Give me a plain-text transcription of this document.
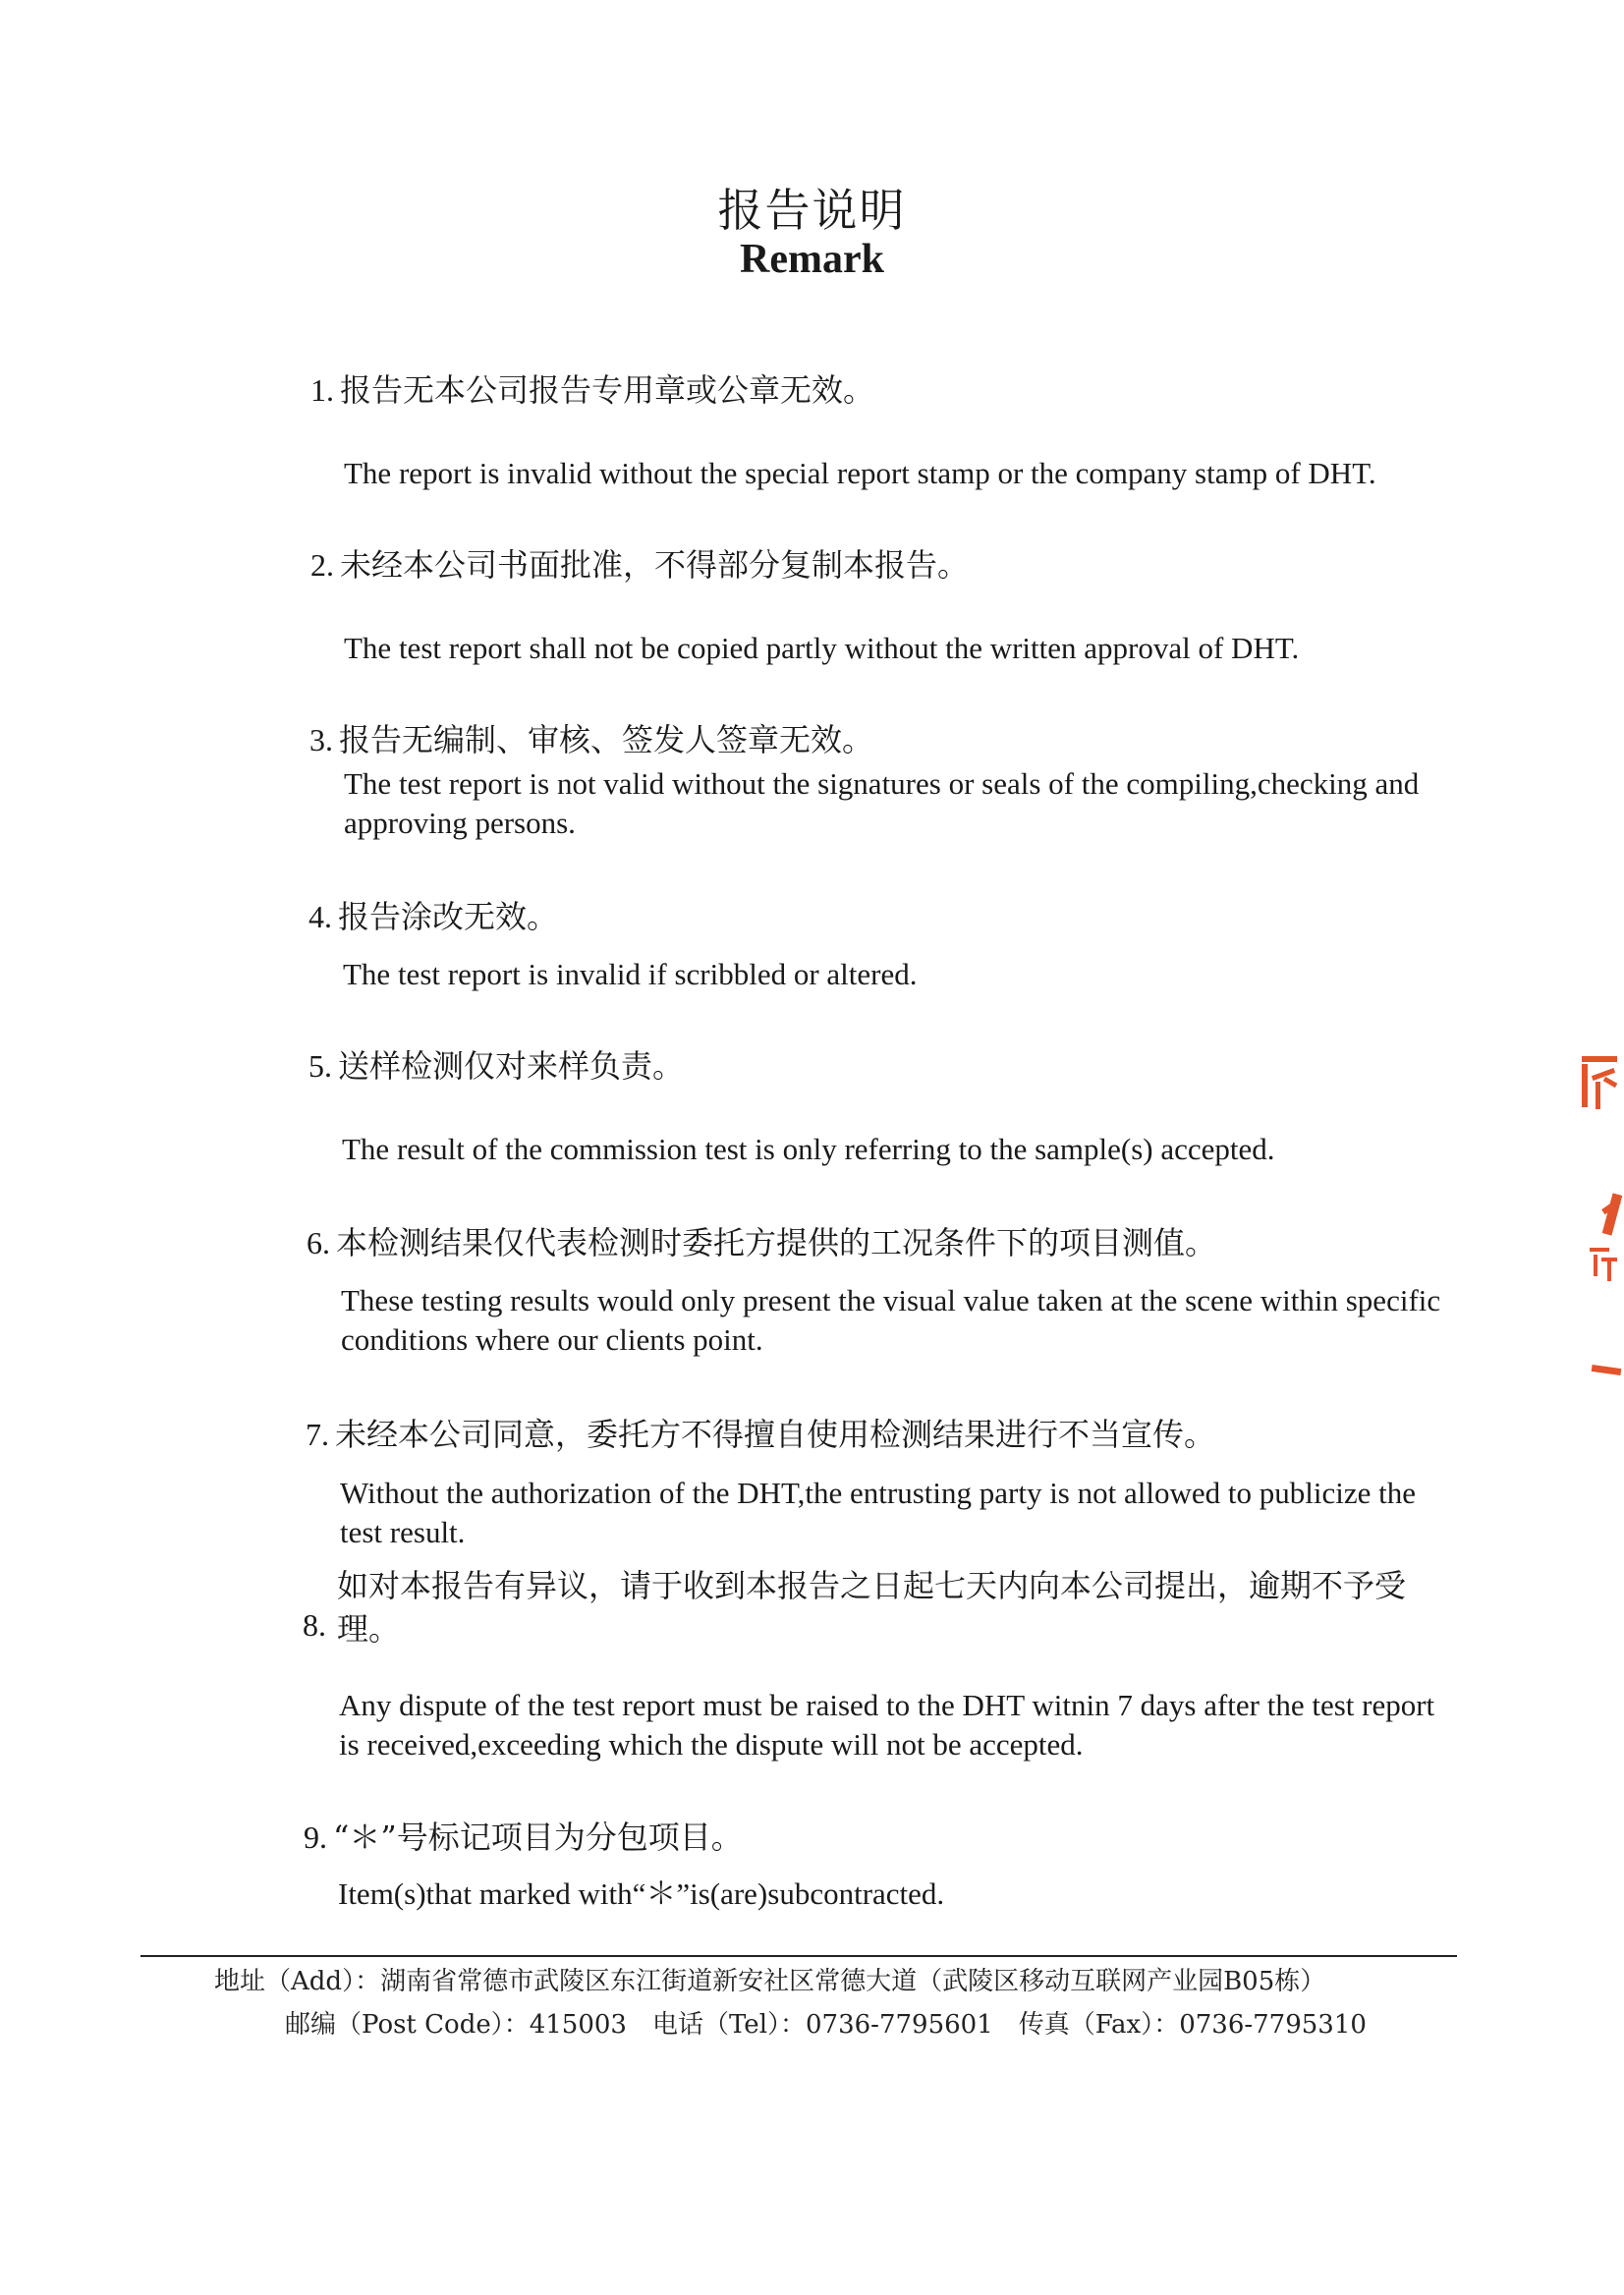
报告说明
Remark
1. 报告无本公司报告专用章或公章无效。
The report is invalid without the special report stamp or the company stamp of DHT.
2. 未经本公司书面批准，不得部分复制本报告。
The test report shall not be copied partly without the written approval of DHT.
3. 报告无编制、审核、签发人签章无效。
The test report is not valid without the signatures or seals of the compiling,checking and approving persons.
4. 报告涂改无效。
The test report is invalid if scribbled or altered.
5. 送样检测仅对来样负责。
The result of the commission test is only referring to the sample(s) accepted.
6. 本检测结果仅代表检测时委托方提供的工况条件下的项目测值。
These testing results would only present the visual value taken at the scene within specific conditions where our clients point.
7. 未经本公司同意，委托方不得擅自使用检测结果进行不当宣传。
Without the authorization of the DHT,the entrusting party is not allowed to publicize the test result.
8.
如对本报告有异议，请于收到本报告之日起七天内向本公司提出，逾期不予受理。
Any dispute of the test report must be raised to the DHT witnin 7 days after the test report is received,exceeding which the dispute will not be accepted.
9. “＊”号标记项目为分包项目。
Item(s)that marked with“＊”is(are)subcontracted.
地址（Add）：湖南省常德市武陵区东江街道新安社区常德大道（武陵区移动互联网产业园B05栋）
邮编（Post Code）：415003　电话（Tel）：0736-7795601　传真（Fax）：0736-7795310
